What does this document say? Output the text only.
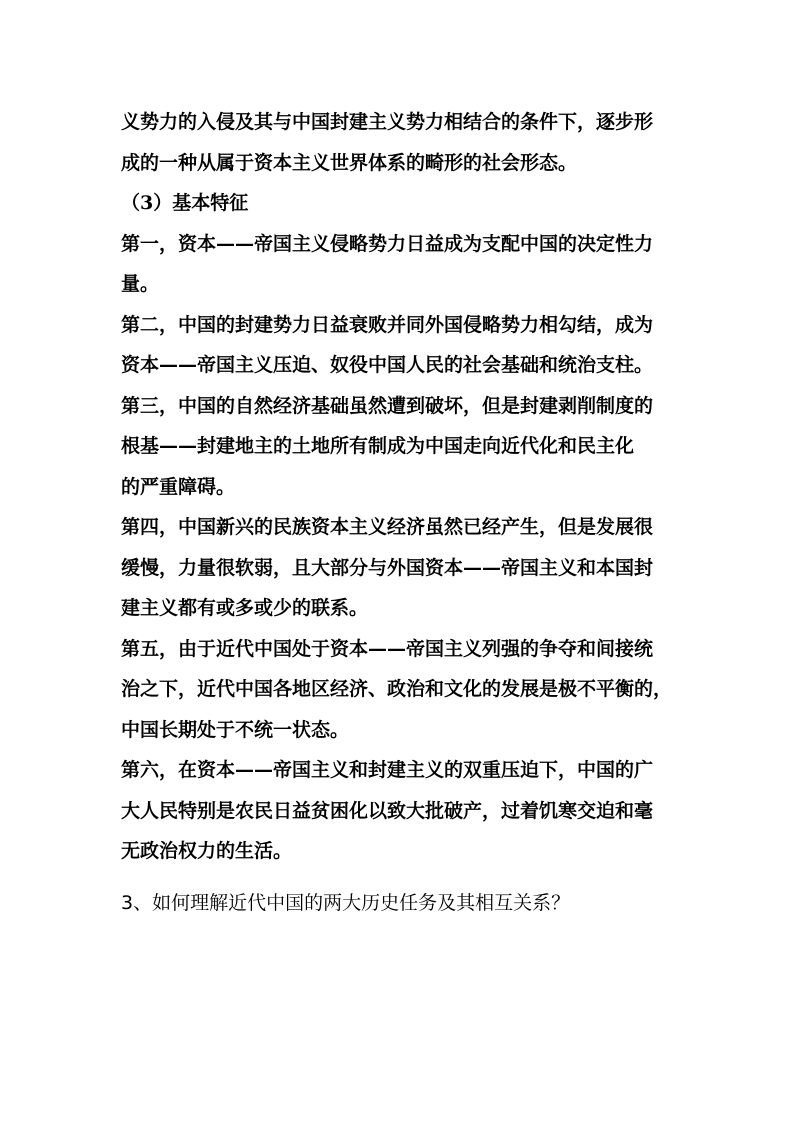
义势力的入侵及其与中国封建主义势力相结合的条件下，逐步形
成的一种从属于资本主义世界体系的畸形的社会形态。
（3）基本特征
第一，资本——帝国主义侵略势力日益成为支配中国的决定性力
量。
第二，中国的封建势力日益衰败并同外国侵略势力相勾结，成为
资本——帝国主义压迫、奴役中国人民的社会基础和统治支柱。
第三，中国的自然经济基础虽然遭到破坏，但是封建剥削制度的
根基——封建地主的土地所有制成为中国走向近代化和民主化
的严重障碍。
第四，中国新兴的民族资本主义经济虽然已经产生，但是发展很
缓慢，力量很软弱，且大部分与外国资本——帝国主义和本国封
建主义都有或多或少的联系。
第五，由于近代中国处于资本——帝国主义列强的争夺和间接统
治之下，近代中国各地区经济、政治和文化的发展是极不平衡的，
中国长期处于不统一状态。
第六，在资本——帝国主义和封建主义的双重压迫下，中国的广
大人民特别是农民日益贫困化以致大批破产，过着饥寒交迫和毫
无政治权力的生活。
3、如何理解近代中国的两大历史任务及其相互关系？
